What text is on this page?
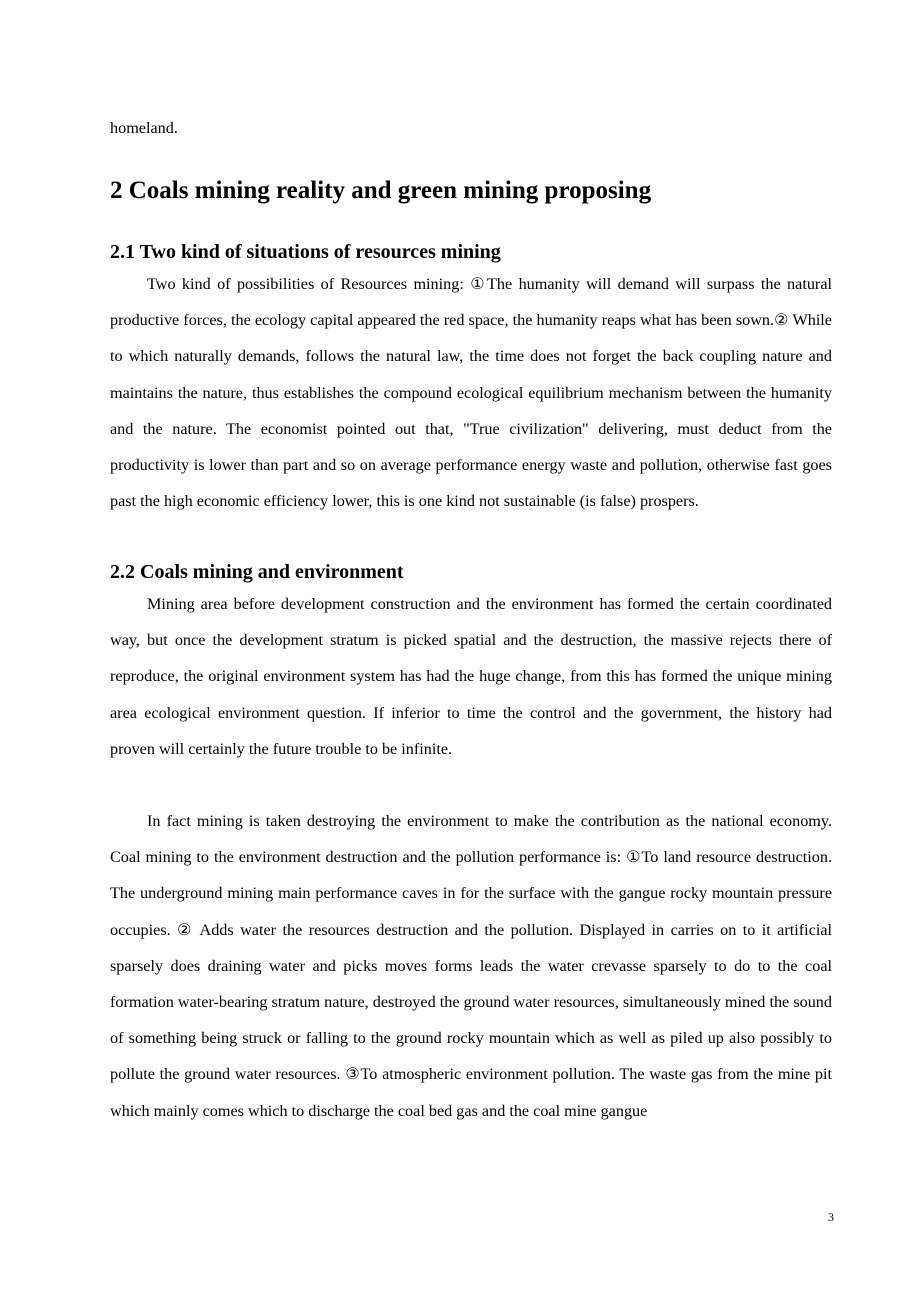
homeland.

2 Coals mining reality and green mining proposing
2.1 Two kind of situations of resources mining

Two kind of possibilities of Resources mining: ①The humanity will demand will surpass the natural productive forces, the ecology capital appeared the red space, the humanity reaps what has been sown.② While to which naturally demands, follows the natural law, the time does not forget the back coupling nature and maintains the nature, thus establishes the compound ecological equilibrium mechanism between the humanity and the nature. The economist pointed out that, "True civilization" delivering, must deduct from the productivity is lower than part and so on average performance energy waste and pollution, otherwise fast goes past the high economic efficiency lower, this is one kind not sustainable (is false) prospers.

2.2 Coals mining and environment

Mining area before development construction and the environment has formed the certain coordinated way, but once the development stratum is picked spatial and the destruction, the massive rejects there of reproduce, the original environment system has had the huge change, from this has formed the unique mining area ecological environment question. If inferior to time the control and the government, the history had proven will certainly the future trouble to be infinite.

In fact mining is taken destroying the environment to make the contribution as the national economy. Coal mining to the environment destruction and the pollution performance is: ①To land resource destruction. The underground mining main performance caves in for the surface with the gangue rocky mountain pressure occupies. ② Adds water the resources destruction and the pollution. Displayed in carries on to it artificial sparsely does draining water and picks moves forms leads the water crevasse sparsely to do to the coal formation water-bearing stratum nature, destroyed the ground water resources, simultaneously mined the sound of something being struck or falling to the ground rocky mountain which as well as piled up also possibly to pollute the ground water resources. ③To atmospheric environment pollution. The waste gas from the mine pit which mainly comes which to discharge the coal bed gas and the coal mine gangue

3
